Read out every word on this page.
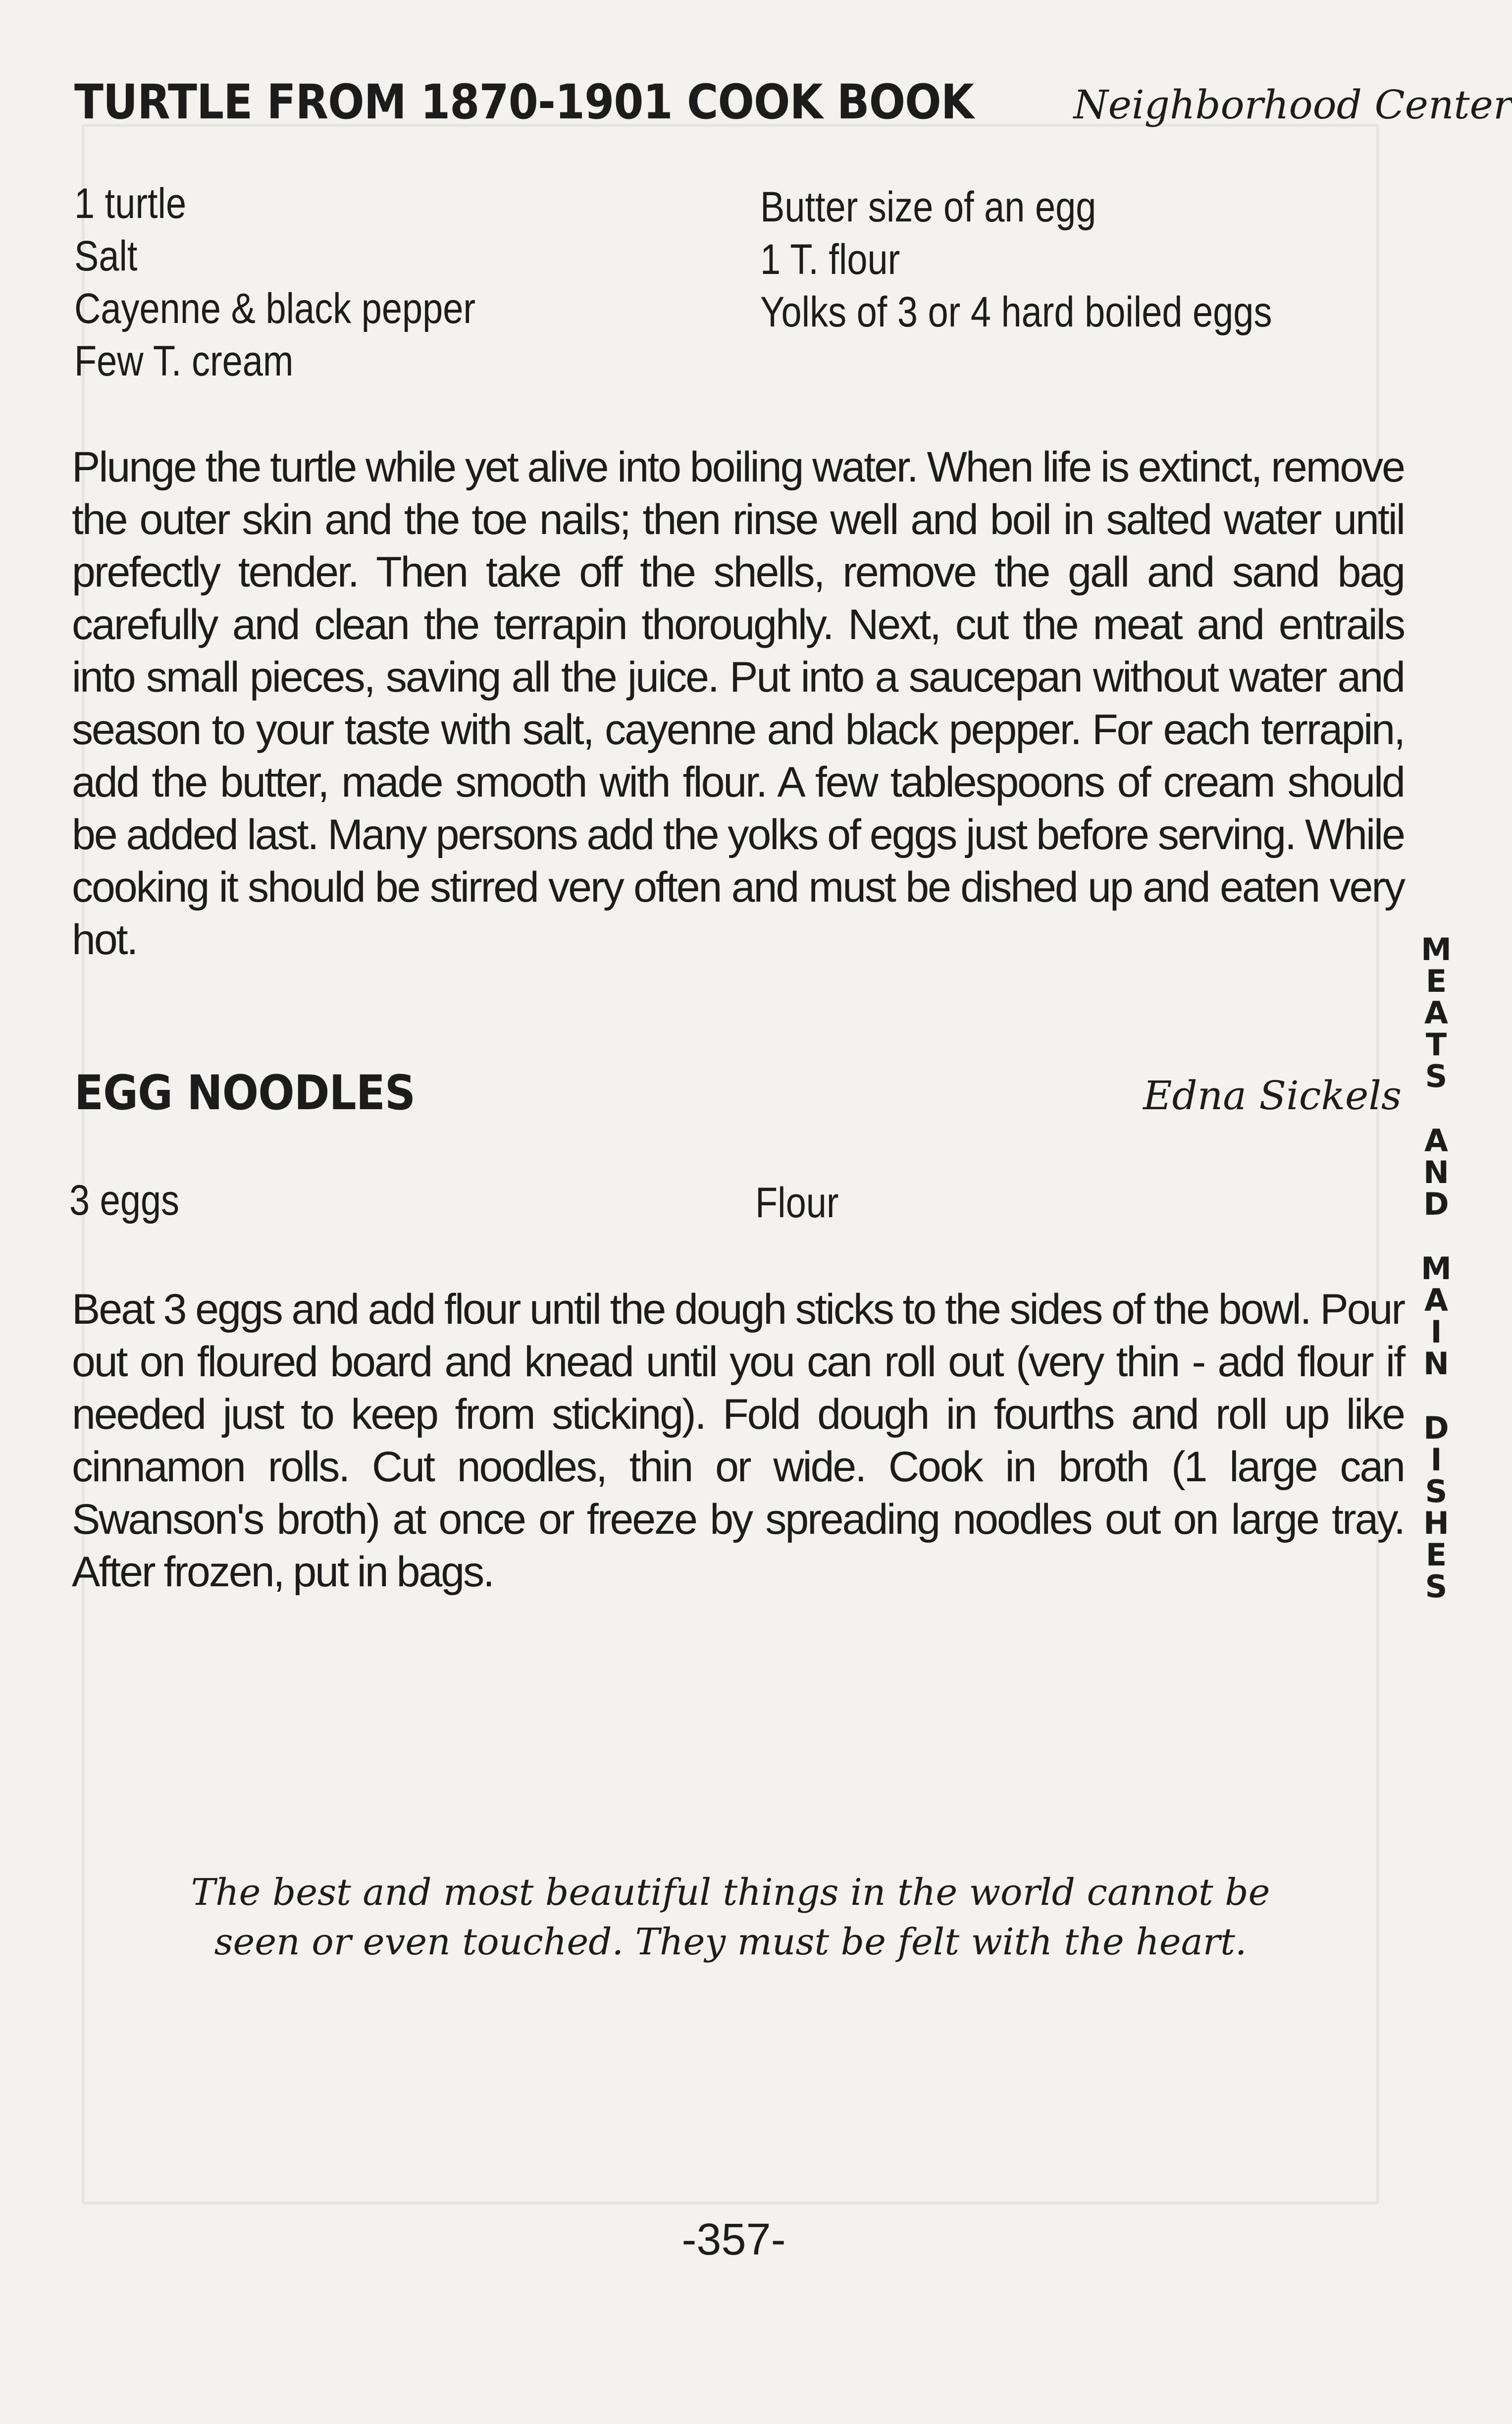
TURTLE FROM 1870-1901 COOK BOOK	Neighborhood Center
1 turtle
Salt
Cayenne & black pepper
Few T. cream
Butter size of an egg
1 T. flour
Yolks of 3 or 4 hard boiled eggs
Plunge the turtle while yet alive into boiling water. When life is extinct, remove the outer skin and the toe nails; then rinse well and boil in salted water until prefectly tender. Then take off the shells, remove the gall and sand bag carefully and clean the terrapin thoroughly. Next, cut the meat and entrails into small pieces, saving all the juice. Put into a saucepan without water and season to your taste with salt, cayenne and black pepper. For each terrapin, add the butter, made smooth with flour. A few tablespoons of cream should be added last. Many persons add the yolks of eggs just before serving. While cooking it should be stirred very often and must be dished up and eaten very hot.
EGG NOODLES	Edna Sickels
3 eggs	Flour
Beat 3 eggs and add flour until the dough sticks to the sides of the bowl. Pour out on floured board and knead until you can roll out (very thin - add flour if needed just to keep from sticking). Fold dough in fourths and roll up like cinnamon rolls. Cut noodles, thin or wide. Cook in broth (1 large can Swanson's broth) at once or freeze by spreading noodles out on large tray. After frozen, put in bags.
M
E
A
T
S
A
N
D
M
A
I
N
D
I
S
H
E
S
The best and most beautiful things in the world cannot be
seen or even touched. They must be felt with the heart.
-357-
